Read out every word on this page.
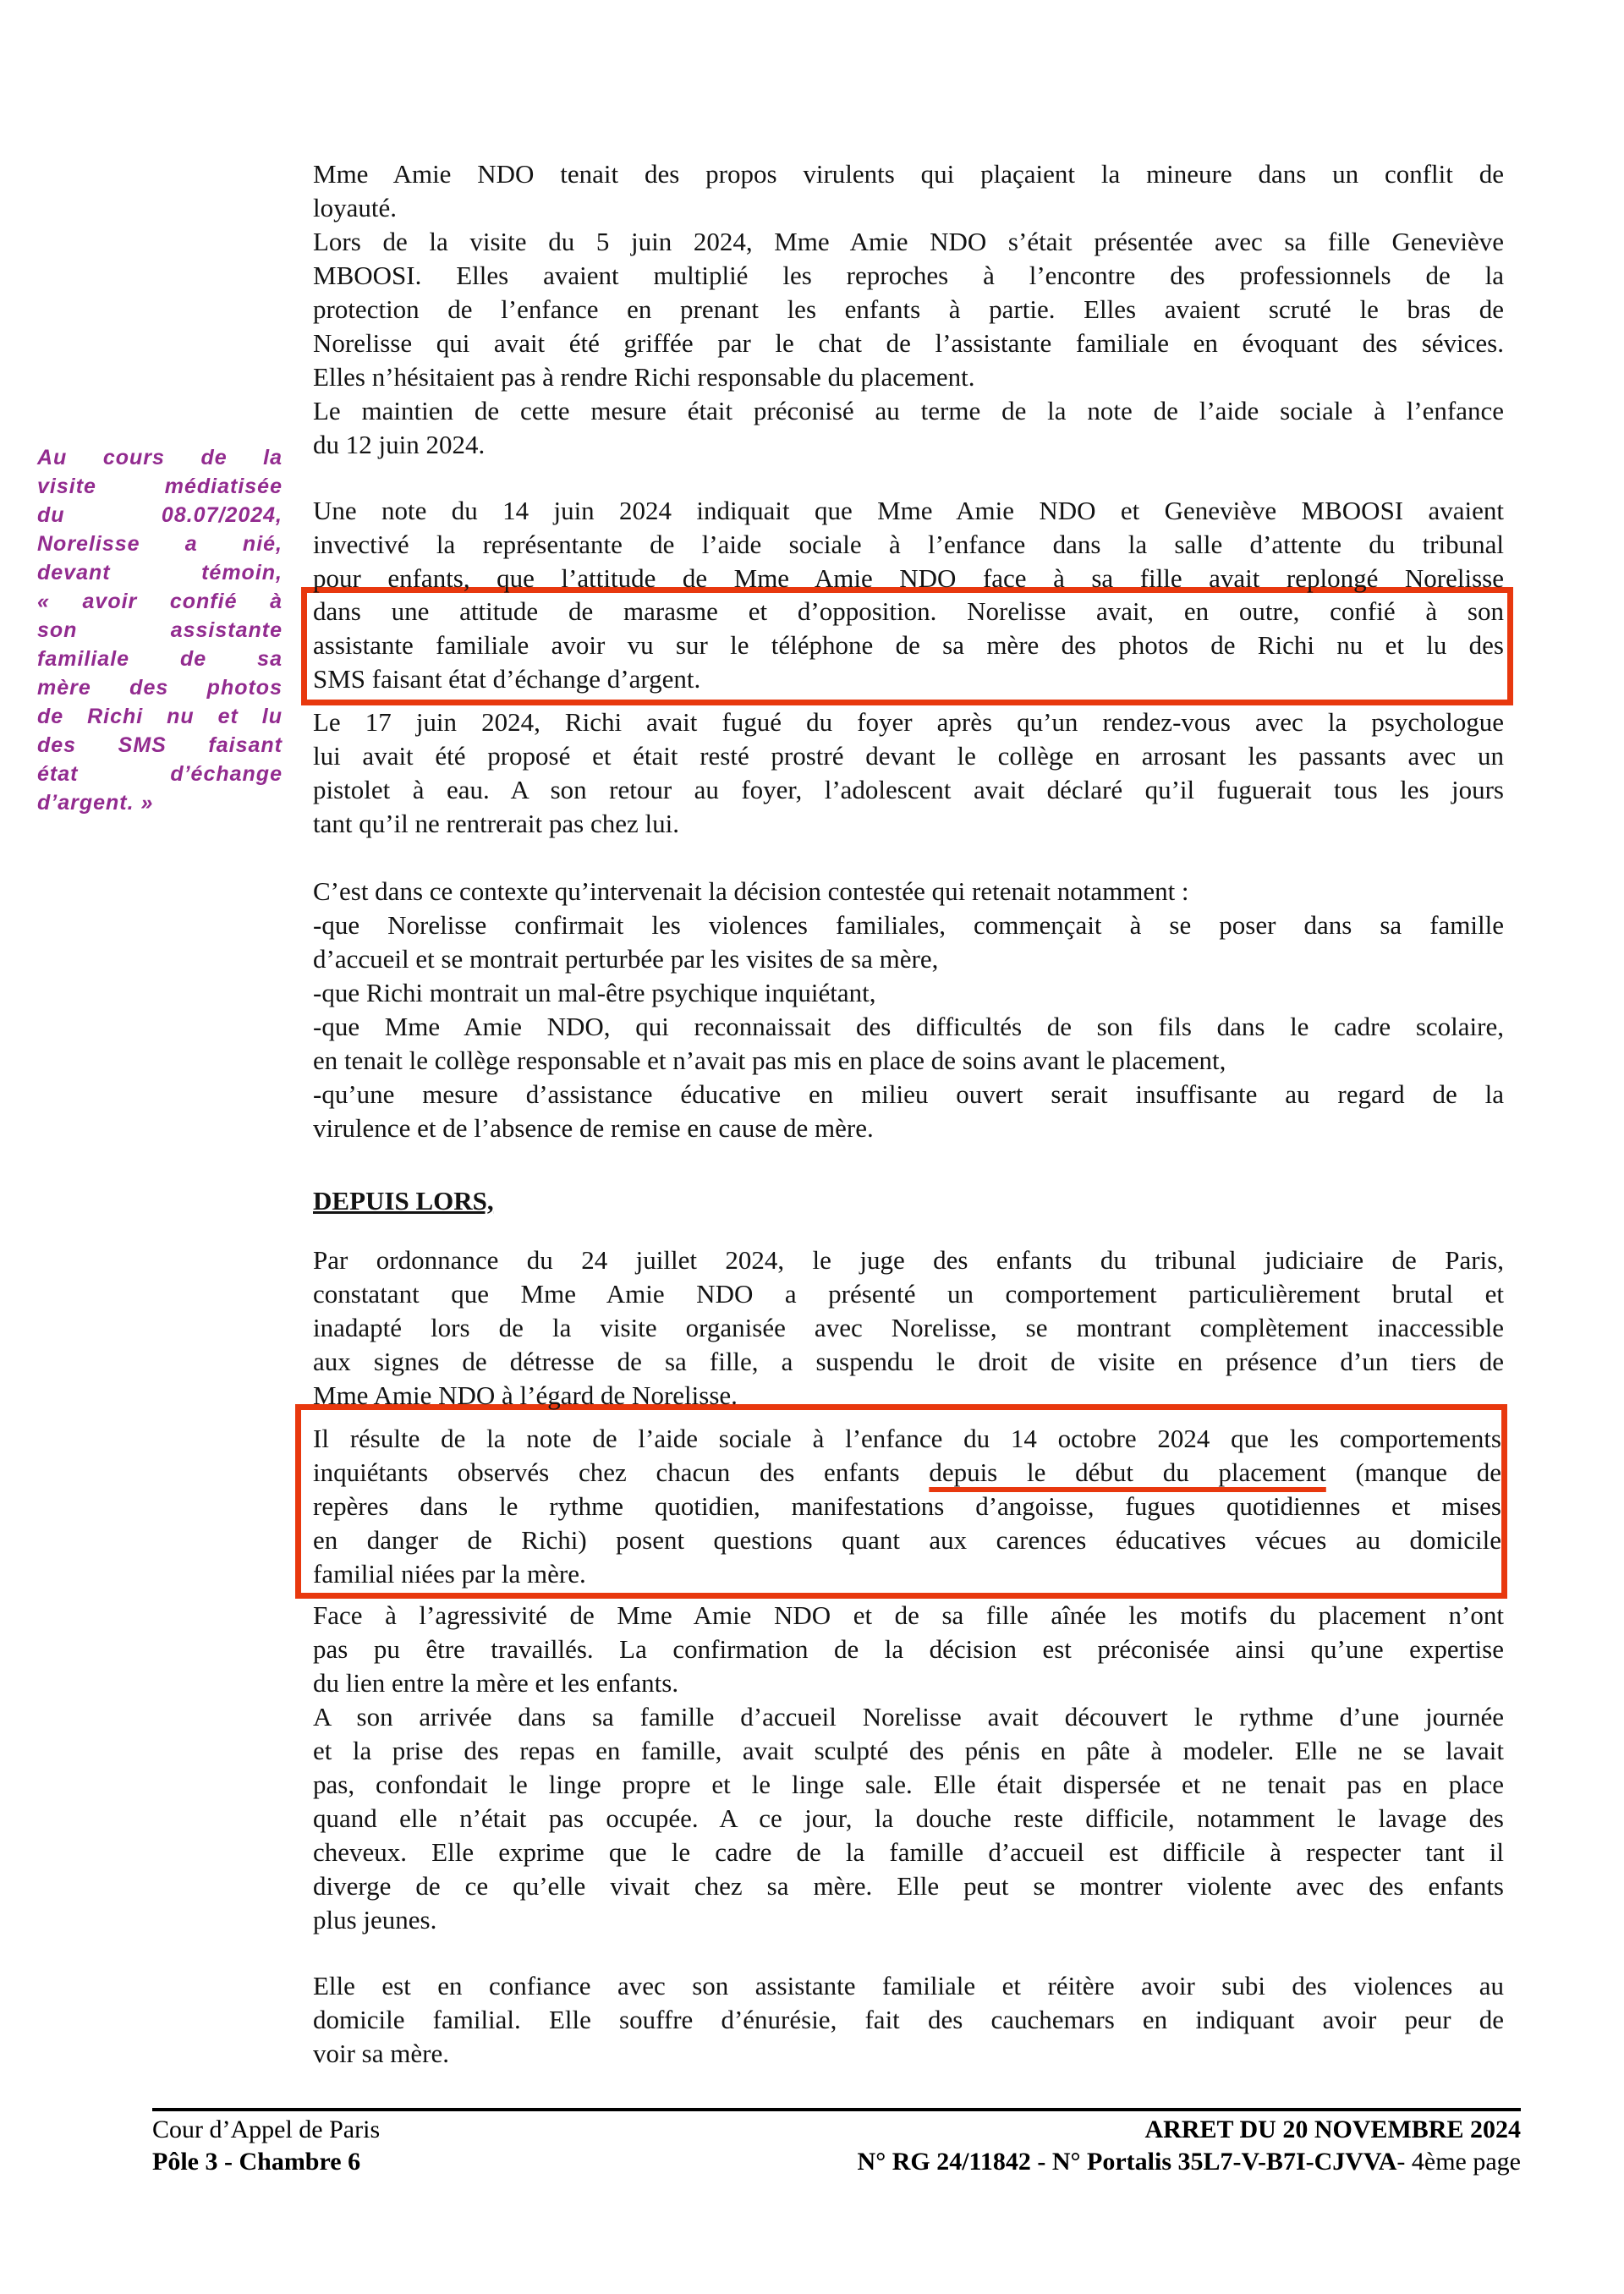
Au cours de la
visite médiatisée
du 08.07/2024,
Norelisse a nié,
devant témoin,
« avoir confié à
son assistante
familiale de sa
mère des photos
de Richi nu et lu
des SMS faisant
état d’échange
d’argent. »
Mme Amie NDO tenait des propos virulents qui plaçaient la mineure dans un conflit de
loyauté.
Lors de la visite du 5 juin 2024, Mme Amie NDO s’était présentée avec sa fille Geneviève
MBOOSI. Elles avaient multiplié les reproches à l’encontre des professionnels de la
protection de l’enfance en prenant les enfants à partie. Elles avaient scruté le bras de
Norelisse qui avait été griffée par le chat de l’assistante familiale en évoquant des sévices.
Elles n’hésitaient pas à rendre Richi responsable du placement.
Le maintien de cette mesure était préconisé au terme de la note de l’aide sociale à l’enfance
du 12 juin 2024.
Une note du 14 juin 2024 indiquait que Mme Amie NDO et Geneviève MBOOSI avaient
invectivé la représentante de l’aide sociale à l’enfance dans la salle d’attente du tribunal
pour enfants, que l’attitude de Mme Amie NDO face à sa fille avait replongé Norelisse
dans une attitude de marasme et d’opposition. Norelisse avait, en outre, confié à son
assistante familiale avoir vu sur le téléphone de sa mère des photos de Richi nu et lu des
SMS faisant état d’échange d’argent.
Le 17 juin 2024, Richi avait fugué du foyer après qu’un rendez-vous avec la psychologue
lui avait été proposé et était resté prostré devant le collège en arrosant les passants avec un
pistolet à eau. A son retour au foyer, l’adolescent avait déclaré qu’il fuguerait tous les jours
tant qu’il ne rentrerait pas chez lui.
C’est dans ce contexte qu’intervenait la décision contestée qui retenait notamment :
-que Norelisse confirmait les violences familiales, commençait à se poser dans sa famille
d’accueil et se montrait perturbée par les visites de sa mère,
-que Richi montrait un mal-être psychique inquiétant,
-que Mme Amie NDO, qui reconnaissait des difficultés de son fils dans le cadre scolaire,
en tenait le collège responsable et n’avait pas mis en place de soins avant le placement,
-qu’une mesure d’assistance éducative en milieu ouvert serait insuffisante au regard de la
virulence et de l’absence de remise en cause de mère.
DEPUIS LORS,
Par ordonnance du 24 juillet 2024, le juge des enfants du tribunal judiciaire de Paris,
constatant que Mme Amie NDO a présenté un comportement particulièrement brutal et
inadapté lors de la visite organisée avec Norelisse, se montrant complètement inaccessible
aux signes de détresse de sa fille, a suspendu le droit de visite en présence d’un tiers de
Mme Amie NDO à l’égard de Norelisse.
Il résulte de la note de l’aide sociale à l’enfance du 14 octobre 2024 que les comportements
inquiétants observés chez chacun des enfants depuis le début du placement (manque de
repères dans le rythme quotidien, manifestations d’angoisse, fugues quotidiennes et mises
en danger de Richi) posent questions quant aux carences éducatives vécues au domicile
familial niées par la mère.
Face à l’agressivité de Mme Amie NDO et de sa fille aînée les motifs du placement n’ont
pas pu être travaillés. La confirmation de la décision est préconisée ainsi qu’une expertise
du lien entre la mère et les enfants.
A son arrivée dans sa famille d’accueil Norelisse avait découvert le rythme d’une journée
et la prise des repas en famille, avait sculpté des pénis en pâte à modeler. Elle ne se lavait
pas, confondait le linge propre et le linge sale. Elle était dispersée et ne tenait pas en place
quand elle n’était pas occupée. A ce jour, la douche reste difficile, notamment le lavage des
cheveux. Elle exprime que le cadre de la famille d’accueil est difficile à respecter tant il
diverge de ce qu’elle vivait chez sa mère. Elle peut se montrer violente avec des enfants
plus jeunes.
Elle est en confiance avec son assistante familiale et réitère avoir subi des violences au
domicile familial. Elle souffre d’énurésie, fait des cauchemars en indiquant avoir peur de
voir sa mère.
Cour d’Appel de Paris	ARRET DU 20 NOVEMBRE 2024
Pôle 3 - Chambre 6	N° RG 24/11842 - N° Portalis 35L7-V-B7I-CJVVA- 4ème page
